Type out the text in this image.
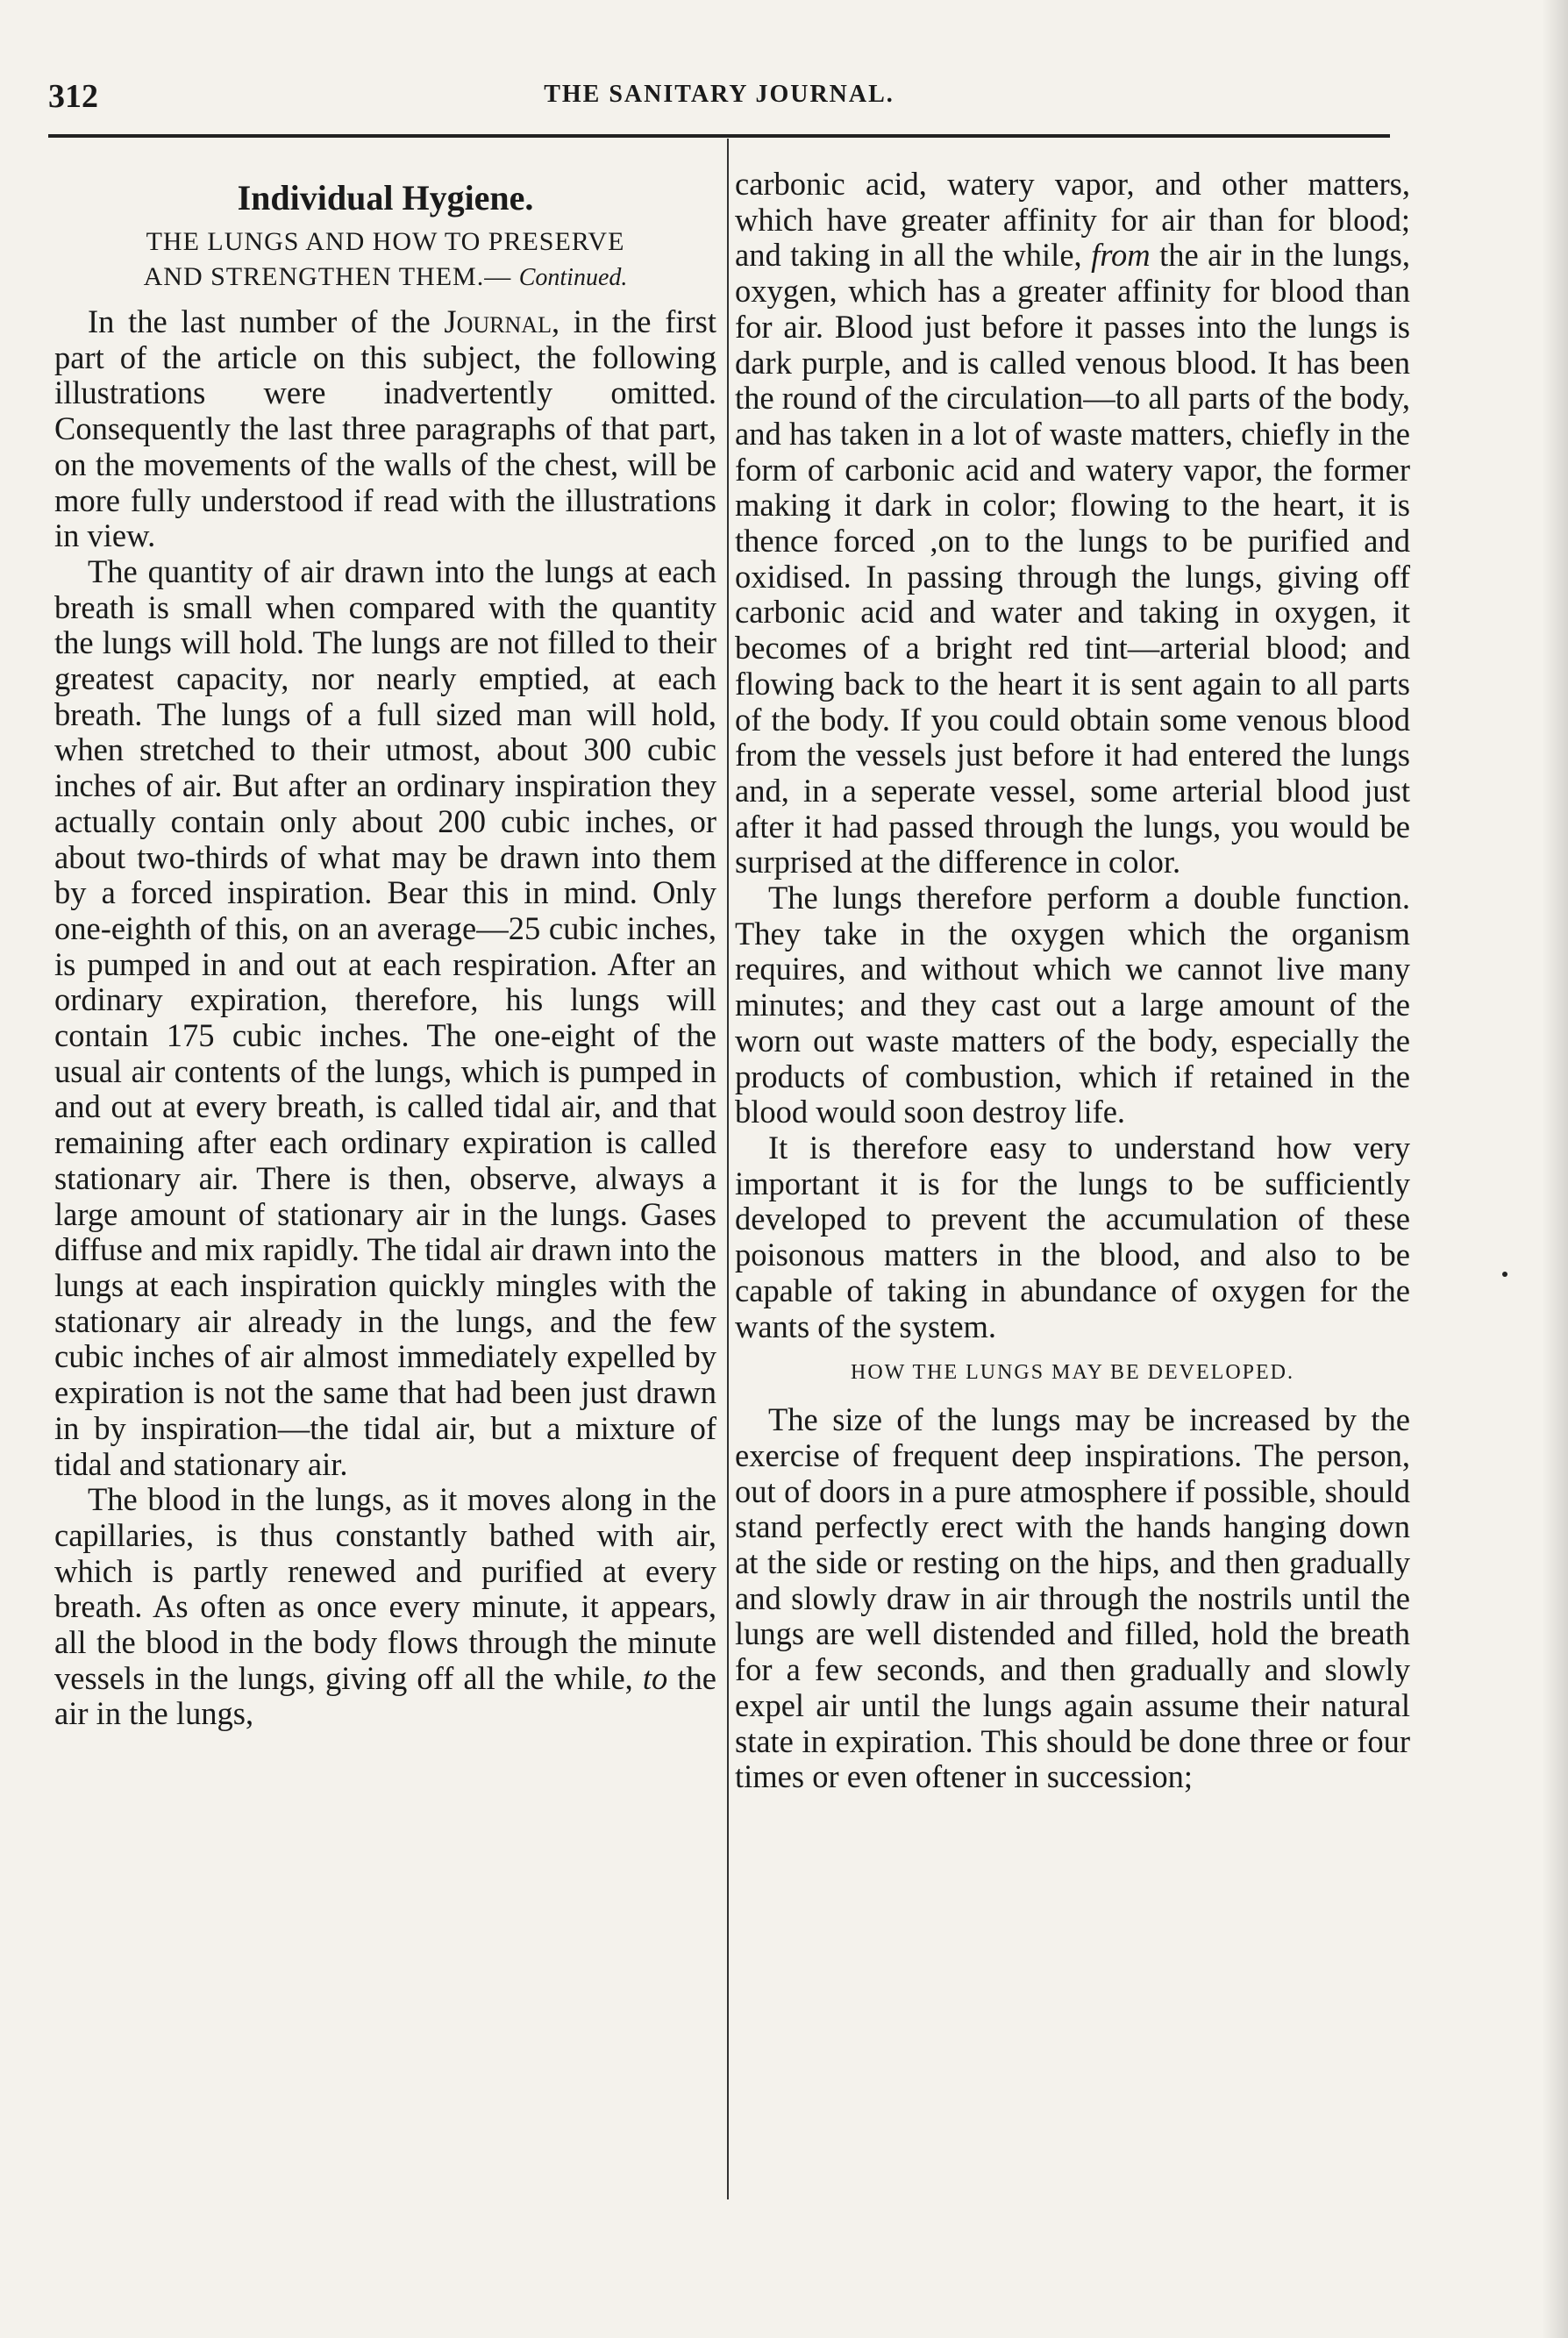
312	THE SANITARY JOURNAL.
Individual Hygiene.
THE LUNGS AND HOW TO PRESERVE
AND STRENGTHEN THEM.— Continued.

In the last number of the Journal, in the first part of the article on this subject, the following illustrations were inadvertently omitted. Consequently the last three paragraphs of that part, on the movements of the walls of the chest, will be more fully understood if read with the illustrations in view.

The quantity of air drawn into the lungs at each breath is small when compared with the quantity the lungs will hold. The lungs are not filled to their greatest capacity, nor nearly emptied, at each breath. The lungs of a full sized man will hold, when stretched to their utmost, about 300 cubic inches of air. But after an ordinary inspiration they actually contain only about 200 cubic inches, or about two-thirds of what may be drawn into them by a forced inspiration. Bear this in mind. Only one-eighth of this, on an average—25 cubic inches, is pumped in and out at each respiration. After an ordinary expiration, therefore, his lungs will contain 175 cubic inches. The one-eight of the usual air contents of the lungs, which is pumped in and out at every breath, is called tidal air, and that remaining after each ordinary expiration is called stationary air. There is then, observe, always a large amount of stationary air in the lungs. Gases diffuse and mix rapidly. The tidal air drawn into the lungs at each inspiration quickly mingles with the stationary air already in the lungs, and the few cubic inches of air almost immediately expelled by expiration is not the same that had been just drawn in by inspiration—the tidal air, but a mixture of tidal and stationary air.

The blood in the lungs, as it moves along in the capillaries, is thus constantly bathed with air, which is partly renewed and purified at every breath. As often as once every minute, it appears, all the blood in the body flows through the minute vessels in the lungs, giving off all the while, to the air in the lungs,

carbonic acid, watery vapor, and other matters, which have greater affinity for air than for blood; and taking in all the while, from the air in the lungs, oxygen, which has a greater affinity for blood than for air. Blood just before it passes into the lungs is dark purple, and is called venous blood. It has been the round of the circulation—to all parts of the body, and has taken in a lot of waste matters, chiefly in the form of carbonic acid and watery vapor, the former making it dark in color; flowing to the heart, it is thence forced ,on to the lungs to be purified and oxidised. In passing through the lungs, giving off carbonic acid and water and taking in oxygen, it becomes of a bright red tint—arterial blood; and flowing back to the heart it is sent again to all parts of the body. If you could obtain some venous blood from the vessels just before it had entered the lungs and, in a seperate vessel, some arterial blood just after it had passed through the lungs, you would be surprised at the difference in color.

The lungs therefore perform a double function. They take in the oxygen which the organism requires, and without which we cannot live many minutes; and they cast out a large amount of the worn out waste matters of the body, especially the products of combustion, which if retained in the blood would soon destroy life.

It is therefore easy to understand how very important it is for the lungs to be sufficiently developed to prevent the accumulation of these poisonous matters in the blood, and also to be capable of taking in abundance of oxygen for the wants of the system.

HOW THE LUNGS MAY BE DEVELOPED.

The size of the lungs may be increased by the exercise of frequent deep inspirations. The person, out of doors in a pure atmosphere if possible, should stand perfectly erect with the hands hanging down at the side or resting on the hips, and then gradually and slowly draw in air through the nostrils until the lungs are well distended and filled, hold the breath for a few seconds, and then gradually and slowly expel air until the lungs again assume their natural state in expiration. This should be done three or four times or even oftener in succession;
